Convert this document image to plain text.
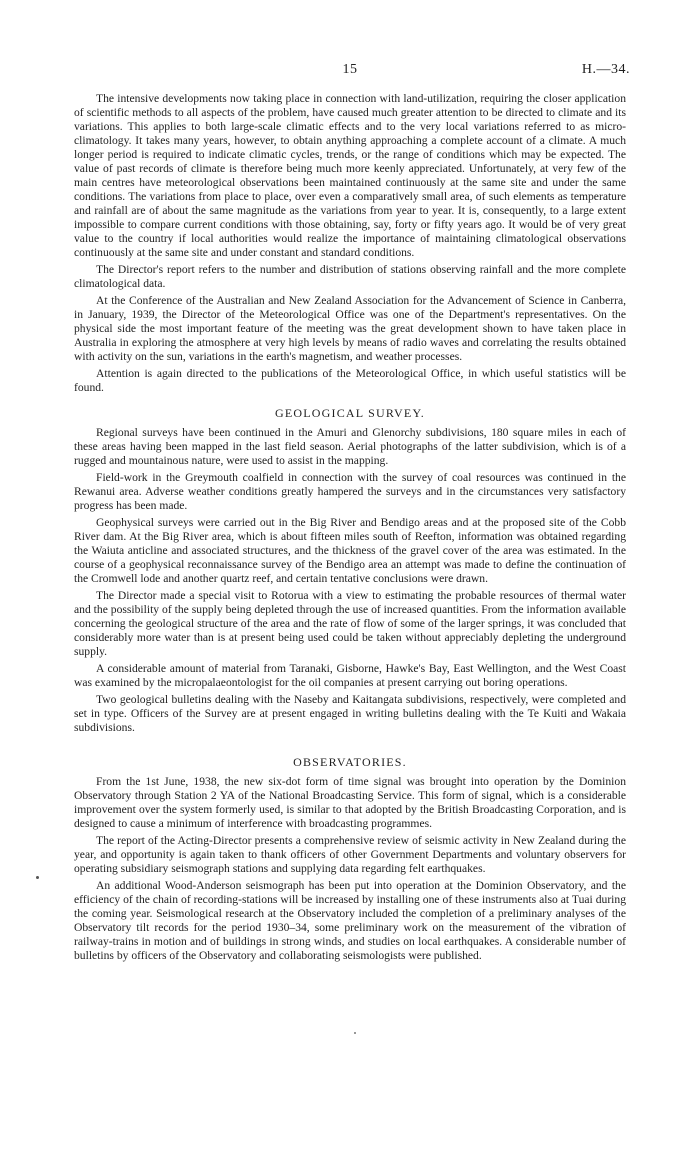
15	H.—34.

The intensive developments now taking place in connection with land-utilization, requiring the closer application of scientific methods to all aspects of the problem, have caused much greater attention to be directed to climate and its variations. This applies to both large-scale climatic effects and to the very local variations referred to as micro-climatology. It takes many years, however, to obtain anything approaching a complete account of a climate. A much longer period is required to indicate climatic cycles, trends, or the range of conditions which may be expected. The value of past records of climate is therefore being much more keenly appreciated. Unfortunately, at very few of the main centres have meteorological observations been maintained continuously at the same site and under the same conditions. The variations from place to place, over even a comparatively small area, of such elements as temperature and rainfall are of about the same magnitude as the variations from year to year. It is, consequently, to a large extent impossible to compare current conditions with those obtaining, say, forty or fifty years ago. It would be of very great value to the country if local authorities would realize the importance of maintaining climatological observations continuously at the same site and under constant and standard conditions.

The Director's report refers to the number and distribution of stations observing rainfall and the more complete climatological data.

At the Conference of the Australian and New Zealand Association for the Advancement of Science in Canberra, in January, 1939, the Director of the Meteorological Office was one of the Department's representatives. On the physical side the most important feature of the meeting was the great development shown to have taken place in Australia in exploring the atmosphere at very high levels by means of radio waves and correlating the results obtained with activity on the sun, variations in the earth's magnetism, and weather processes.

Attention is again directed to the publications of the Meteorological Office, in which useful statistics will be found.

GEOLOGICAL SURVEY.

Regional surveys have been continued in the Amuri and Glenorchy subdivisions, 180 square miles in each of these areas having been mapped in the last field season. Aerial photographs of the latter subdivision, which is of a rugged and mountainous nature, were used to assist in the mapping.

Field-work in the Greymouth coalfield in connection with the survey of coal resources was continued in the Rewanui area. Adverse weather conditions greatly hampered the surveys and in the circumstances very satisfactory progress has been made.

Geophysical surveys were carried out in the Big River and Bendigo areas and at the proposed site of the Cobb River dam. At the Big River area, which is about fifteen miles south of Reefton, information was obtained regarding the Waiuta anticline and associated structures, and the thickness of the gravel cover of the area was estimated. In the course of a geophysical reconnaissance survey of the Bendigo area an attempt was made to define the continuation of the Cromwell lode and another quartz reef, and certain tentative conclusions were drawn.

The Director made a special visit to Rotorua with a view to estimating the probable resources of thermal water and the possibility of the supply being depleted through the use of increased quantities. From the information available concerning the geological structure of the area and the rate of flow of some of the larger springs, it was concluded that considerably more water than is at present being used could be taken without appreciably depleting the underground supply.

A considerable amount of material from Taranaki, Gisborne, Hawke's Bay, East Wellington, and the West Coast was examined by the micropalaeontologist for the oil companies at present carrying out boring operations.

Two geological bulletins dealing with the Naseby and Kaitangata subdivisions, respectively, were completed and set in type. Officers of the Survey are at present engaged in writing bulletins dealing with the Te Kuiti and Wakaia subdivisions.

OBSERVATORIES.

From the 1st June, 1938, the new six-dot form of time signal was brought into operation by the Dominion Observatory through Station 2 YA of the National Broadcasting Service. This form of signal, which is a considerable improvement over the system formerly used, is similar to that adopted by the British Broadcasting Corporation, and is designed to cause a minimum of interference with broadcasting programmes.

The report of the Acting-Director presents a comprehensive review of seismic activity in New Zealand during the year, and opportunity is again taken to thank officers of other Government Departments and voluntary observers for operating subsidiary seismograph stations and supplying data regarding felt earthquakes.

An additional Wood-Anderson seismograph has been put into operation at the Dominion Observatory, and the efficiency of the chain of recording-stations will be increased by installing one of these instruments also at Tuai during the coming year. Seismological research at the Observatory included the completion of a preliminary analyses of the Observatory tilt records for the period 1930–34, some preliminary work on the measurement of the vibration of railway-trains in motion and of buildings in strong winds, and studies on local earthquakes. A considerable number of bulletins by officers of the Observatory and collaborating seismologists were published.
